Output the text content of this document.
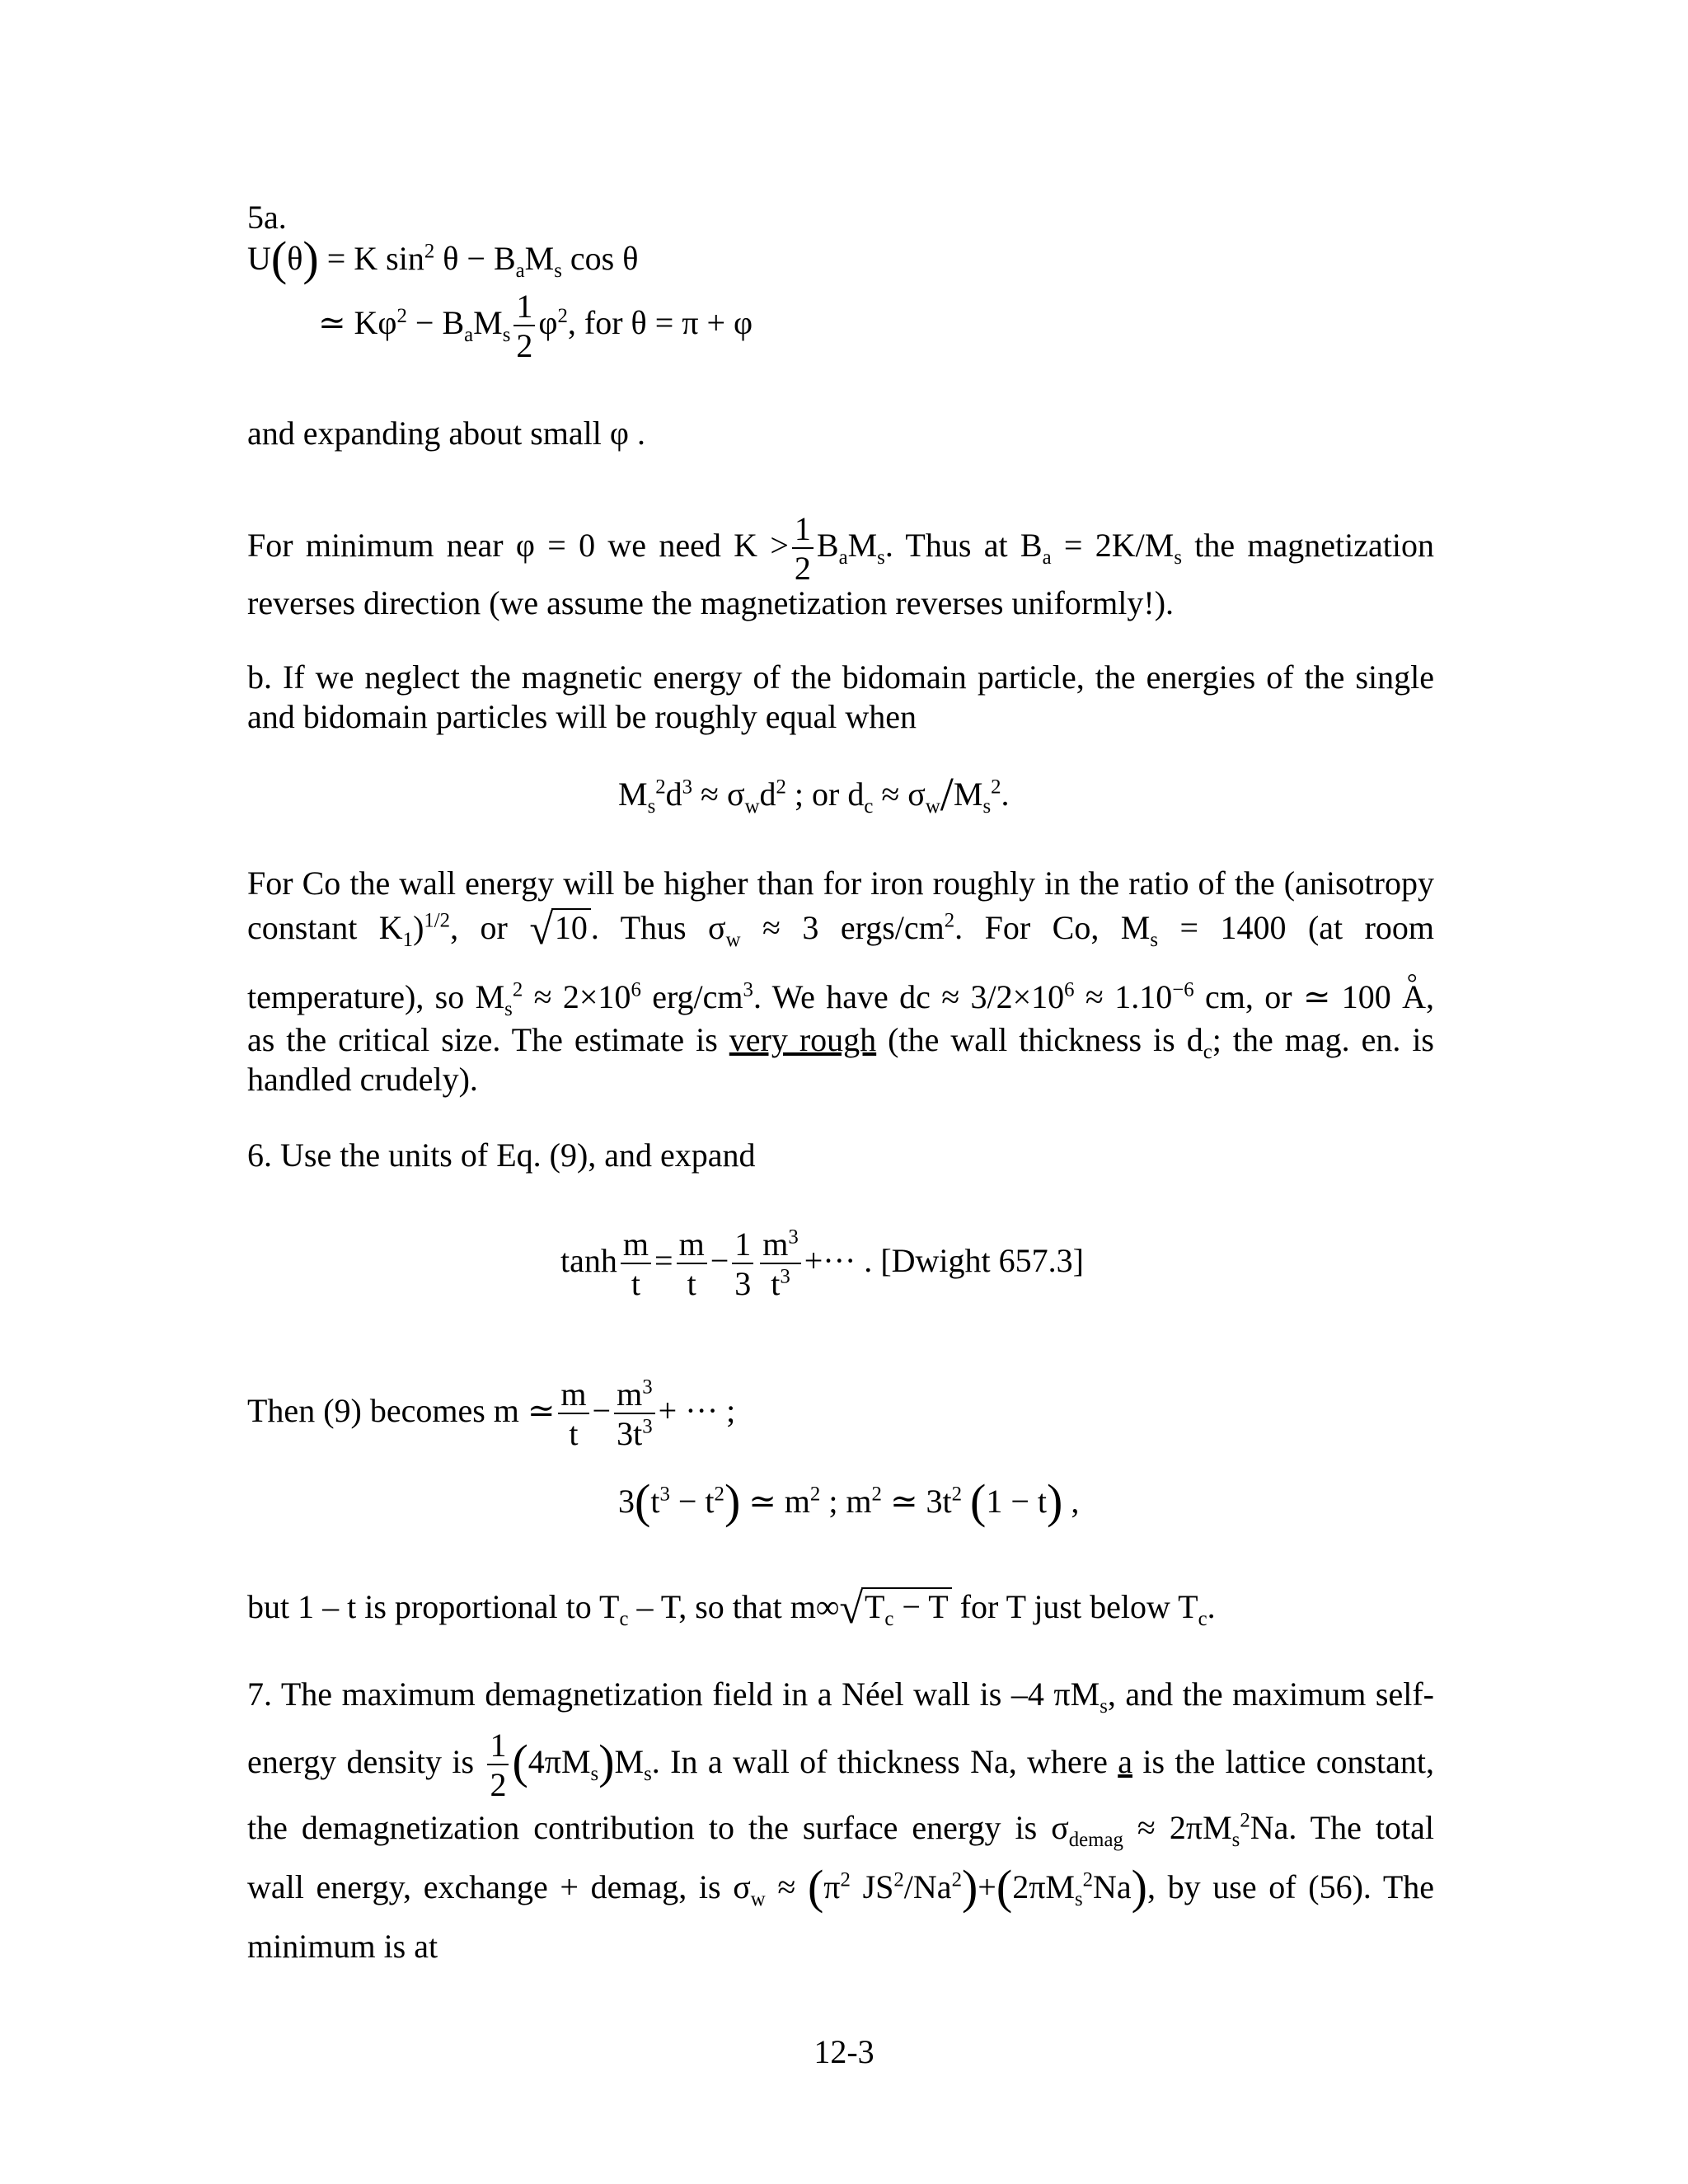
5a.
U(θ) = K $\sin^2 \theta - B_aM_s$ cos θ
≃ $K\varphi^2 - B_aM_s \frac{1}{2} \varphi^2$, for θ = π + φ
and expanding about small φ .
For minimum near φ = 0 we need $K > \frac{1}{2} B_aM_s$. Thus at $B_a = 2K/M_s$ the magnetization
reverses direction (we assume the magnetization reverses uniformly!).
b. If we neglect the magnetic energy of the bidomain particle, the energies of the single
and bidomain particles will be roughly equal when
$M_s^2d^3 \approx \sigma_wd^2$ ; or $d_c \approx \sigma_w/M_s^2$.
For Co the wall energy will be higher than for iron roughly in the ratio of the (anisotropy
constant $K_1)^{1/2}$, or √10 . Thus $\sigma_w \approx 3$ ergs/$cm^2$. For Co, $M_s = 1400$ (at room
temperature), so $M_s^2 \approx 2\times 10^6$ erg/$cm^3$. We have dc ≈ $3/2\times 10^6 \approx 1.10^{-6}$ cm, or ≃ 100 A °,
as the critical size. The estimate is very rough (the wall thickness is $d_c$; the mag. en. is
handled crudely).
6. Use the units of Eq. (9), and expand
$\tanh \frac{m}{t} = \frac{m}{t} - \frac{1}{3} \frac{m^3}{t^3}$ +··· . [Dwight 657.3]
Then (9) becomes m ≃ $\frac{m}{t} - \frac{m^3}{3t^3}$ + ··· ;
$3(t^3 - t^2)$ ≃ $m^2$ ; $m^2$ ≃ $3t^2$ (1 − t) ,
but 1 – t is proportional to $T_c$ – T, so that $m\infty√T_c - T$ for T just below $T_c$.
7. The maximum demagnetization field in a Néel wall is –4 $\pi M_s$, and the maximum self-
energy density is $\frac{1}{2} (4\pi M_s)M_s$. In a wall of thickness Na, where a is the lattice constant,
the demagnetization contribution to the surface energy is $\sigma_{demag} \approx 2\pi M_s^2Na$. The total
wall energy, exchange + demag, is $\sigma_w \approx (\pi^2$ $JS^2/Na^2)+(2\pi M_s^2Na)$, by use of (56). The
minimum is at
12-3
